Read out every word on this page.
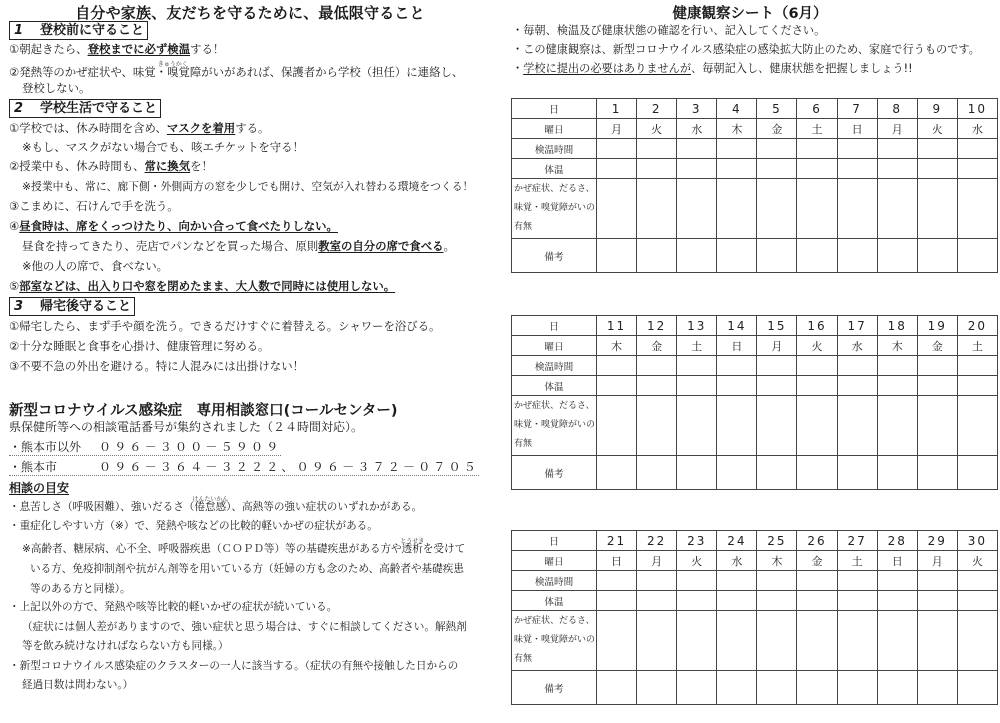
自分や家族、友だちを守るために、最低限守ること
1 登校前に守ること
①朝起きたら、登校までに必ず検温する！
②発熱等のかぜ症状や、味覚・
きゅうかく
嗅覚障がいがあれば、保護者から学校（担任）に連絡し、
登校しない。
2 学校生活で守ること
①学校では、休み時間を含め、マスクを着用する。
※もし、マスクがない場合でも、咳エチケットを守る！
②授業中も、休み時間も、常に換気を！
※授業中も、常に、廊下側・外側両方の窓を少しでも開け、空気が入れ替わる環境をつくる！
③こまめに、石けんで手を洗う。
④昼食時は、席をくっつけたり、向かい合って食べたりしない。
昼食を持ってきたり、売店でパンなどを買った場合、原則教室の自分の席で食べる。
※他の人の席で、食べない。
⑤部室などは、出入り口や窓を閉めたまま、大人数で同時には使用しない。
3 帰宅後守ること
①帰宅したら、まず手や顔を洗う。できるだけすぐに着替える。シャワーを浴びる。
②十分な睡眠と食事を心掛け、健康管理に努める。
③不要不急の外出を避ける。特に人混みには出掛けない！
新型コロナウイルス感染症　専用相談窓口(コールセンター)
県保健所等への相談電話番号が集約されました（２４時間対応）。
・熊本市以外 ０９６－３００－５９０９
・熊本市	０９６－３６４－３２２２、０９６－３７２－０７０５
相談の目安
・息苦しさ（呼吸困難）、強いだるさ（
けんたいかん
倦怠感）、高熱等の強い症状のいずれかがある。
・重症化しやすい方（※）で、発熱や咳などの比較的軽いかぜの症状がある。
※高齢者、糖尿病、心不全、呼吸器疾患（ＣＯＰＤ等）等の基礎疾患がある方や
とうせき
透析を受けて
いる方、免疫抑制剤や抗がん剤等を用いている方（妊婦の方も念のため、高齢者や基礎疾患
等のある方と同様）。
・上記以外の方で、発熱や咳等比較的軽いかぜの症状が続いている。
（症状には個人差がありますので、強い症状と思う場合は、すぐに相談してください。解熱剤
等を飲み続けなければならない方も同様。）
・新型コロナウイルス感染症のクラスターの一人に該当する。（症状の有無や接触した日からの
経過日数は問わない。）
健康観察シート（6月）
・毎朝、検温及び健康状態の確認を行い、記入してください。
・この健康観察は、新型コロナウイルス感染症の感染拡大防止のため、家庭で行うものです。
・学校に提出の必要はありませんが、毎朝記入し、健康状態を把握しましょう!!
日	1	2	3	4	5	6	7	8	9	10
曜日	月	火	水	木	金	土	日	月	火	水
検温時間										
体温										

かぜ症状、だるさ、
味覚・嗅覚障がいの
有無										

備考										
日	11	12	13	14	15	16	17	18	19	20
曜日	木	金	土	日	月	火	水	木	金	土
検温時間										
体温										

かぜ症状、だるさ、
味覚・嗅覚障がいの
有無										

備考										
日	21	22	23	24	25	26	27	28	29	30
曜日	日	月	火	水	木	金	土	日	月	火
検温時間										
体温										

かぜ症状、だるさ、
味覚・嗅覚障がいの
有無										

備考										
